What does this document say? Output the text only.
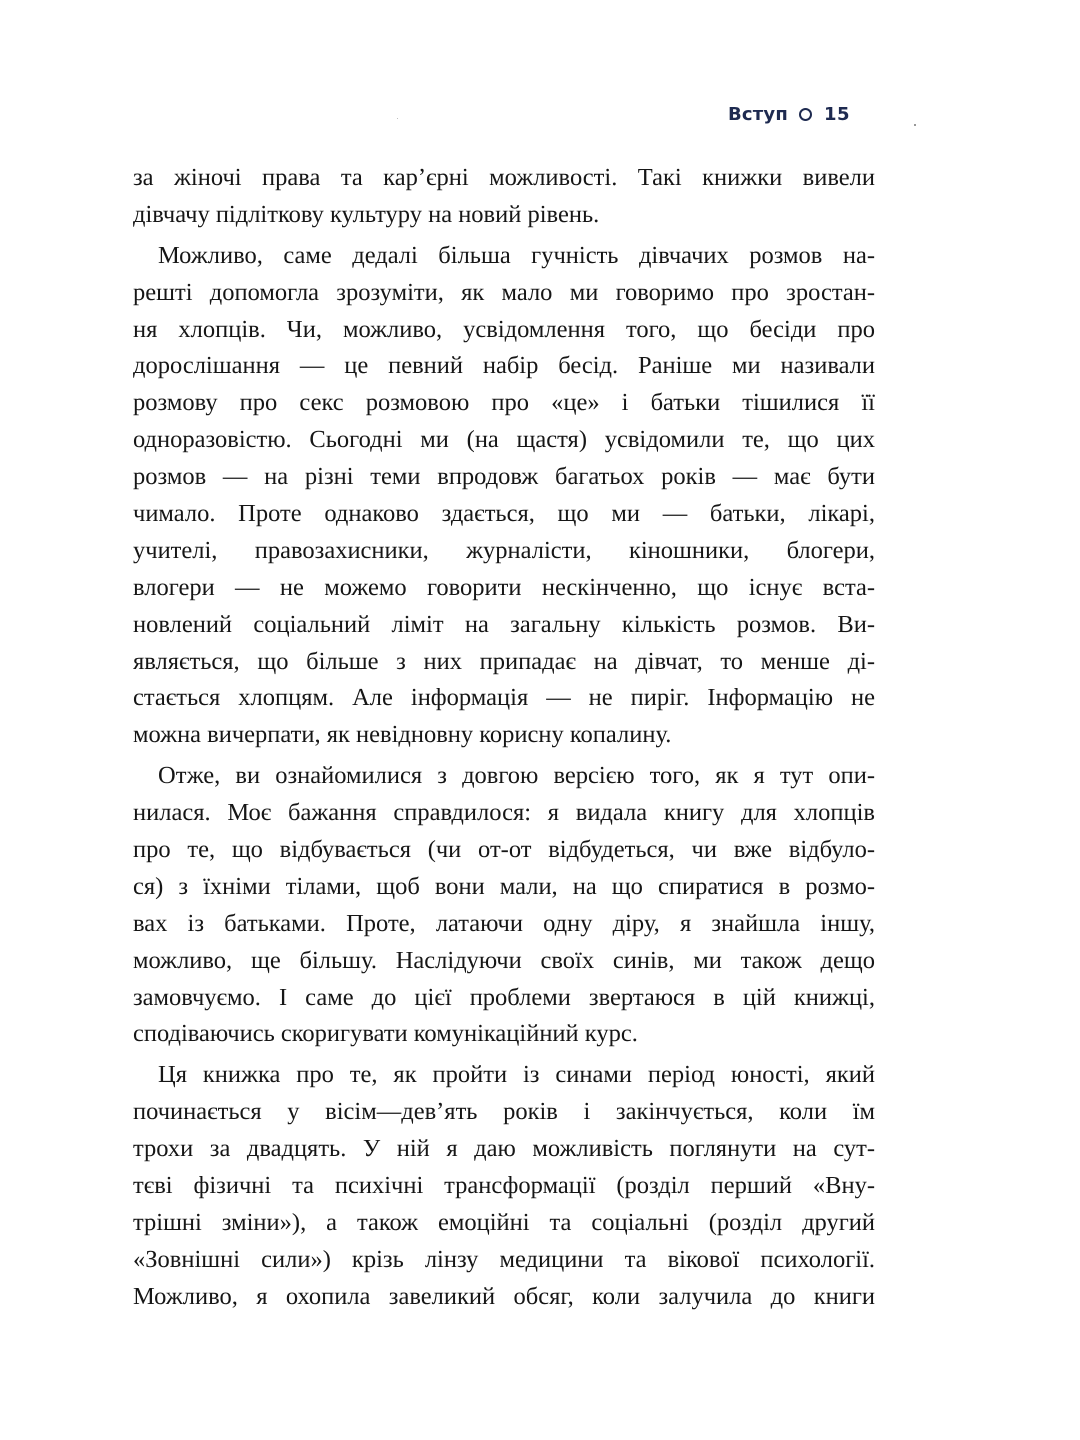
Вступ 15
за жіночі права та кар’єрні можливості. Такі книжки вивели
дівчачу підліткову культуру на новий рівень.
Можливо, саме дедалі більша гучність дівчачих розмов на-
решті допомогла зрозуміти, як мало ми говоримо про зростан-
ня хлопців. Чи, можливо, усвідомлення того, що бесіди про
дорослішання — це певний набір бесід. Раніше ми називали
розмову про секс розмовою про «це» і батьки тішилися її
одноразовістю. Сьогодні ми (на щастя) усвідомили те, що цих
розмов — на різні теми впродовж багатьох років — має бути
чимало. Проте однаково здається, що ми — батьки, лікарі,
учителі, правозахисники, журналісти, кіношники, блогери,
влогери — не можемо говорити нескінченно, що існує вста-
новлений соціальний ліміт на загальну кількість розмов. Ви-
являється, що більше з них припадає на дівчат, то менше ді-
стається хлопцям. Але інформація — не пиріг. Інформацію не
можна вичерпати, як невідновну корисну копалину.
Отже, ви ознайомилися з довгою версією того, як я тут опи-
нилася. Моє бажання справдилося: я видала книгу для хлопців
про те, що відбувається (чи от-от відбудеться, чи вже відбуло-
ся) з їхніми тілами, щоб вони мали, на що спиратися в розмо-
вах із батьками. Проте, латаючи одну діру, я знайшла іншу,
можливо, ще більшу. Наслідуючи своїх синів, ми також дещо
замовчуємо. І саме до цієї проблеми звертаюся в цій книжці,
сподіваючись скоригувати комунікаційний курс.
Ця книжка про те, як пройти із синами період юності, який
починається у вісім—дев’ять років і закінчується, коли їм
трохи за двадцять. У ній я даю можливість поглянути на сут-
тєві фізичні та психічні трансформації (розділ перший «Вну-
трішні зміни»), а також емоційні та соціальні (розділ другий
«Зовнішні сили») крізь лінзу медицини та вікової психології.
Можливо, я охопила завеликий обсяг, коли залучила до книги
